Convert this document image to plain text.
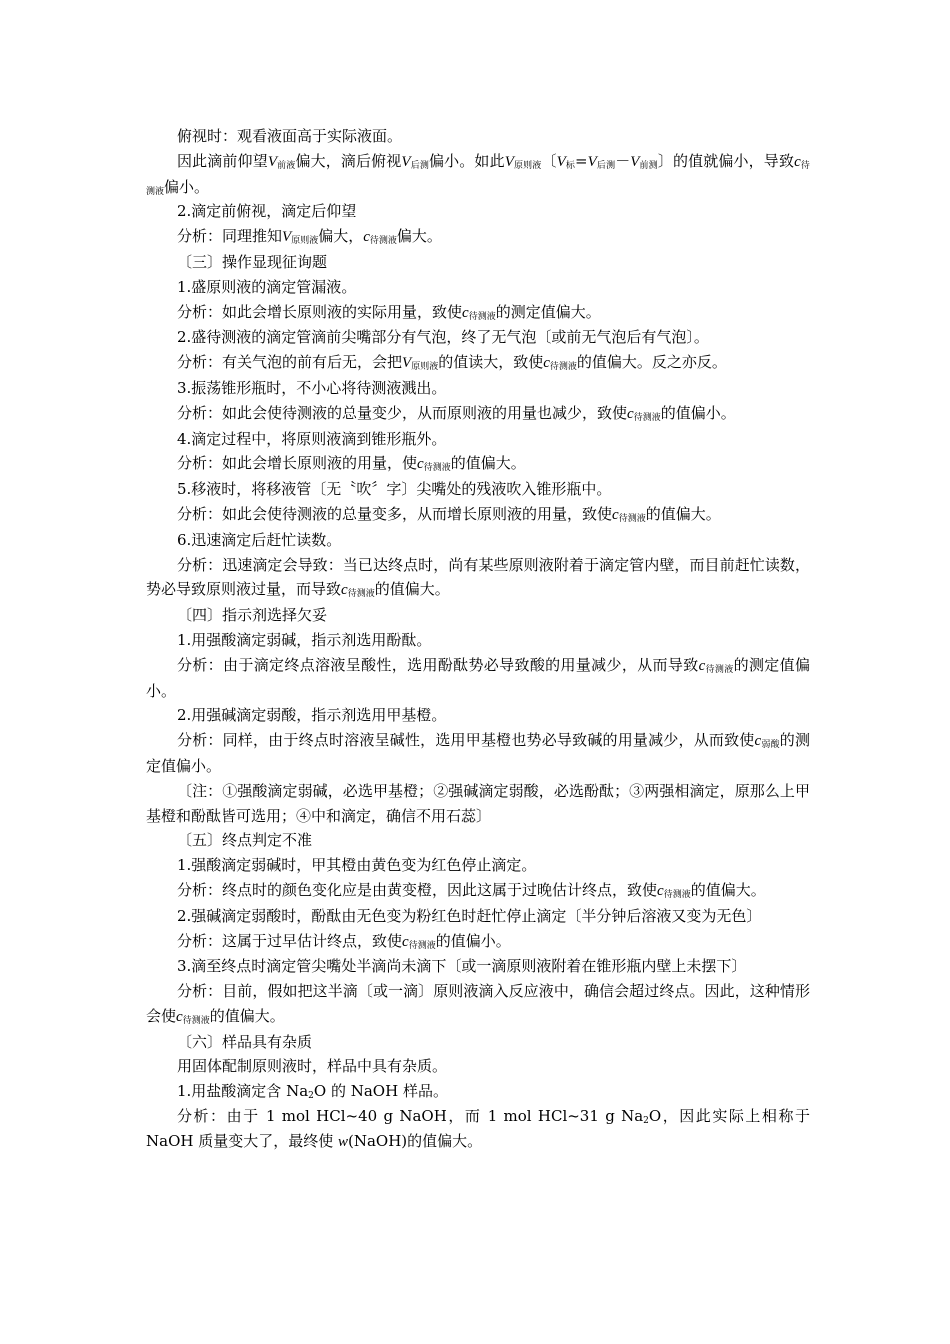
俯视时：观看液面高于实际液面。

因此滴前仰望$V_{前液}$偏大，滴后俯视$V_{后测}$偏小。如此$V_{原则液}$〔$V_标=V_{后测}-V_{前测}$〕的值就偏小，导致$c_{待测液}$偏小。

2.滴定前俯视，滴定后仰望

分析：同理推知$V_{原则液}$偏大，$c_{待测液}$偏大。

〔三〕操作显现征询题

1.盛原则液的滴定管漏液。

分析：如此会增长原则液的实际用量，致使$c_{待测液}$的测定值偏大。

2.盛待测液的滴定管滴前尖嘴部分有气泡，终了无气泡〔或前无气泡后有气泡〕。

分析：有关气泡的前有后无，会把$V_{原则液}$的值读大，致使$c_{待测液}$的值偏大。反之亦反。

3.振荡锥形瓶时，不小心将待测液溅出。

分析：如此会使待测液的总量变少，从而原则液的用量也减少，致使$c_{待测液}$的值偏小。

4.滴定过程中，将原则液滴到锥形瓶外。

分析：如此会增长原则液的用量，使$c_{待测液}$的值偏大。

5.移液时，将移液管〔无〝吹〞字〕尖嘴处的残液吹入锥形瓶中。

分析：如此会使待测液的总量变多，从而增长原则液的用量，致使$c_{待测液}$的值偏大。

6.迅速滴定后赶忙读数。

分析：迅速滴定会导致：当已达终点时，尚有某些原则液附着于滴定管内壁，而目前赶忙读数，势必导致原则液过量，而导致$c_{待测液}$的值偏大。

〔四〕指示剂选择欠妥

1.用强酸滴定弱碱，指示剂选用酚酞。

分析：由于滴定终点溶液呈酸性，选用酚酞势必导致酸的用量减少，从而导致$c_{待测液}$的测定值偏小。

2.用强碱滴定弱酸，指示剂选用甲基橙。

分析：同样，由于终点时溶液呈碱性，选用甲基橙也势必导致碱的用量减少，从而致使$c_{弱酸}$的测定值偏小。

〔注：①强酸滴定弱碱，必选甲基橙；②强碱滴定弱酸，必选酚酞；③两强相滴定，原那么上甲基橙和酚酞皆可选用；④中和滴定，确信不用石蕊〕

〔五〕终点判定不准

1.强酸滴定弱碱时，甲其橙由黄色变为红色停止滴定。

分析：终点时的颜色变化应是由黄变橙，因此这属于过晚估计终点，致使$c_{待测液}$的值偏大。

2.强碱滴定弱酸时，酚酞由无色变为粉红色时赶忙停止滴定〔半分钟后溶液又变为无色〕

分析：这属于过早估计终点，致使$c_{待测液}$的值偏小。

3.滴至终点时滴定管尖嘴处半滴尚未滴下〔或一滴原则液附着在锥形瓶内壁上未摆下〕

分析：目前，假如把这半滴〔或一滴〕原则液滴入反应液中，确信会超过终点。因此，这种情形会使$c_{待测液}$的值偏大。

〔六〕样品具有杂质

用固体配制原则液时，样品中具有杂质。

1.用盐酸滴定含 $Na_2O$ 的 NaOH 样品。

分析：由于 1 mol HCl~40 g NaOH，而 1 mol HCl~31 g $Na_2O$，因此实际上相称于 NaOH 质量变大了，最终使 w(NaOH)的值偏大。
